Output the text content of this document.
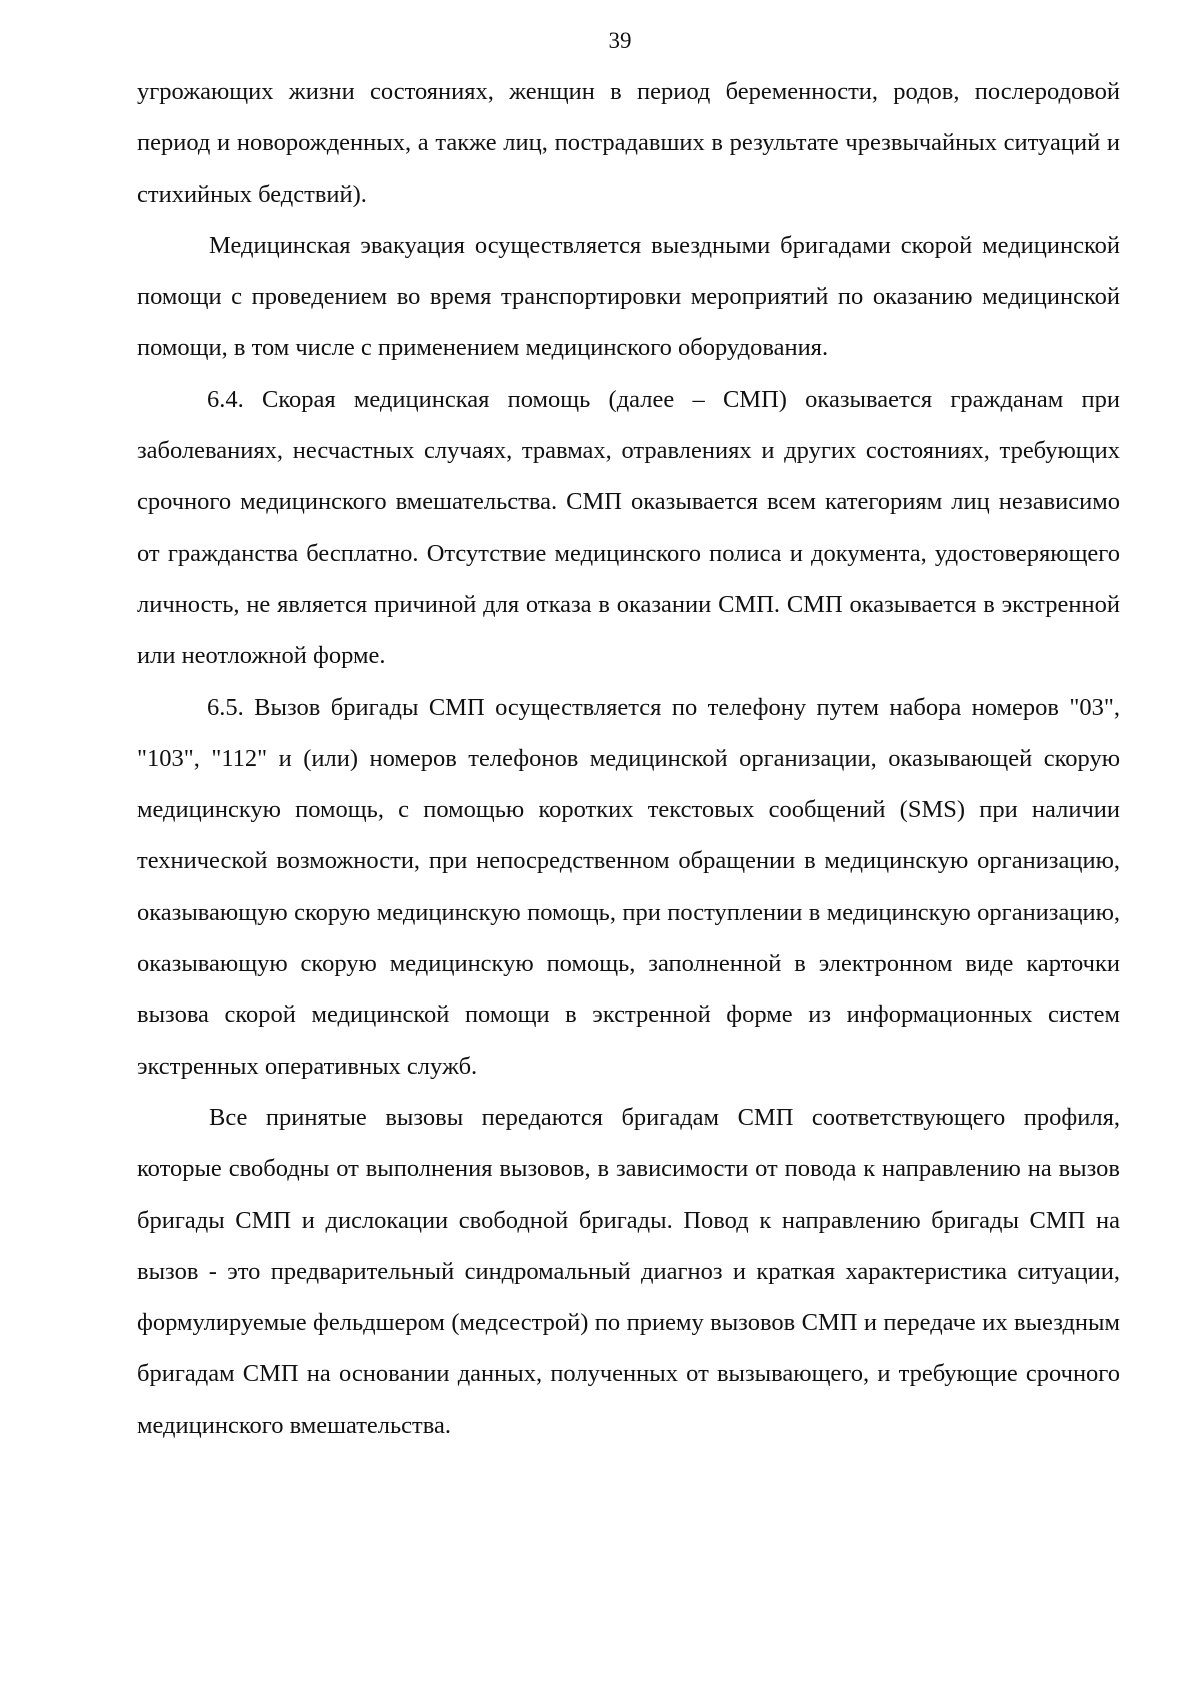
39

угрожающих жизни состояниях, женщин в период беременности, родов, послеродовой период и новорожденных, а также лиц, пострадавших в результате чрезвычайных ситуаций и стихийных бедствий).

Медицинская эвакуация осуществляется выездными бригадами скорой медицинской помощи с проведением во время транспортировки мероприятий по оказанию медицинской помощи, в том числе с применением медицинского оборудования.

6.4. Скорая медицинская помощь (далее – СМП) оказывается гражданам при заболеваниях, несчастных случаях, травмах, отравлениях и других состояниях, требующих срочного медицинского вмешательства. СМП оказывается всем категориям лиц независимо от гражданства бесплатно. Отсутствие медицинского полиса и документа, удостоверяющего личность, не является причиной для отказа в оказании СМП. СМП оказывается в экстренной или неотложной форме.

6.5. Вызов бригады СМП осуществляется по телефону путем набора номеров "03", "103", "112" и (или) номеров телефонов медицинской организации, оказывающей скорую медицинскую помощь, с помощью коротких текстовых сообщений (SMS) при наличии технической возможности, при непосредственном обращении в медицинскую организацию, оказывающую скорую медицинскую помощь, при поступлении в медицинскую организацию, оказывающую скорую медицинскую помощь, заполненной в электронном виде карточки вызова скорой медицинской помощи в экстренной форме из информационных систем экстренных оперативных служб.

Все принятые вызовы передаются бригадам СМП соответствующего профиля, которые свободны от выполнения вызовов, в зависимости от повода к направлению на вызов бригады СМП и дислокации свободной бригады. Повод к направлению бригады СМП на вызов - это предварительный синдромальный диагноз и краткая характеристика ситуации, формулируемые фельдшером (медсестрой) по приему вызовов СМП и передаче их выездным бригадам СМП на основании данных, полученных от вызывающего, и требующие срочного медицинского вмешательства.
